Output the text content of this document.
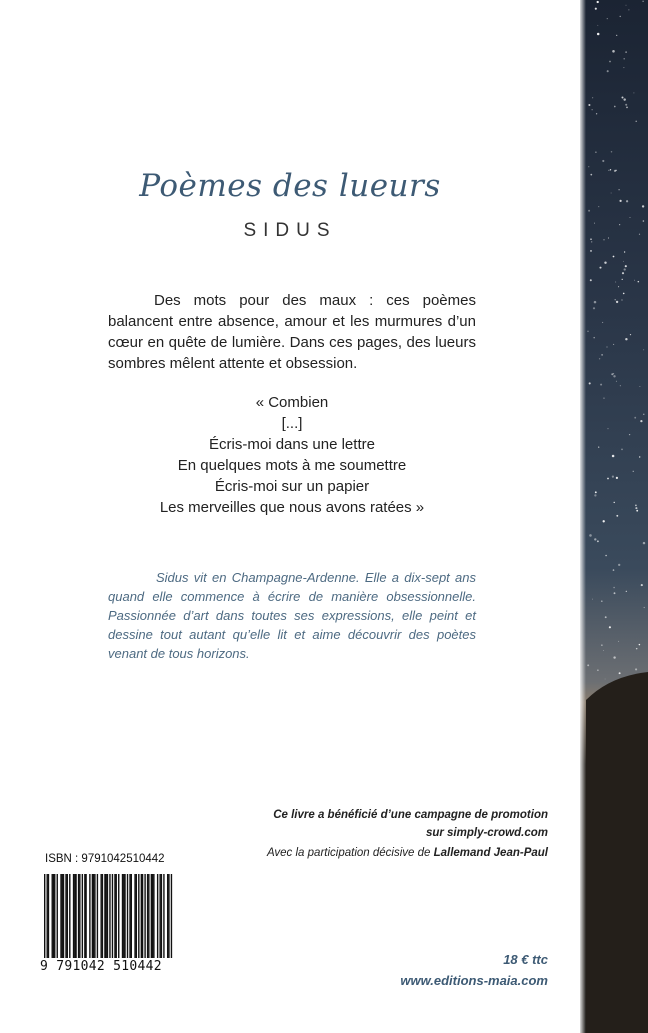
Poèmes des lueurs
SIDUS

Des mots pour des maux : ces poèmes balancent entre absence, amour et les murmures d’un cœur en quête de lumière. Dans ces pages, des lueurs sombres mêlent attente et obsession.

« Combien
[...]
Écris-moi dans une lettre
En quelques mots à me soumettre
Écris-moi sur un papier
Les merveilles que nous avons ratées »

Sidus vit en Champagne-Ardenne. Elle a dix-sept ans quand elle commence à écrire de manière obsessionnelle. Passionnée d’art dans toutes ses expressions, elle peint et dessine tout autant qu’elle lit et aime découvrir des poètes venant de tous horizons.

Ce livre a bénéficié d’une campagne de promotion
sur simply-crowd.com
Avec la participation décisive de Lallemand Jean-Paul
ISBN : 9791042510442
9 791042 510442	18 € ttc
www.editions-maia.com
